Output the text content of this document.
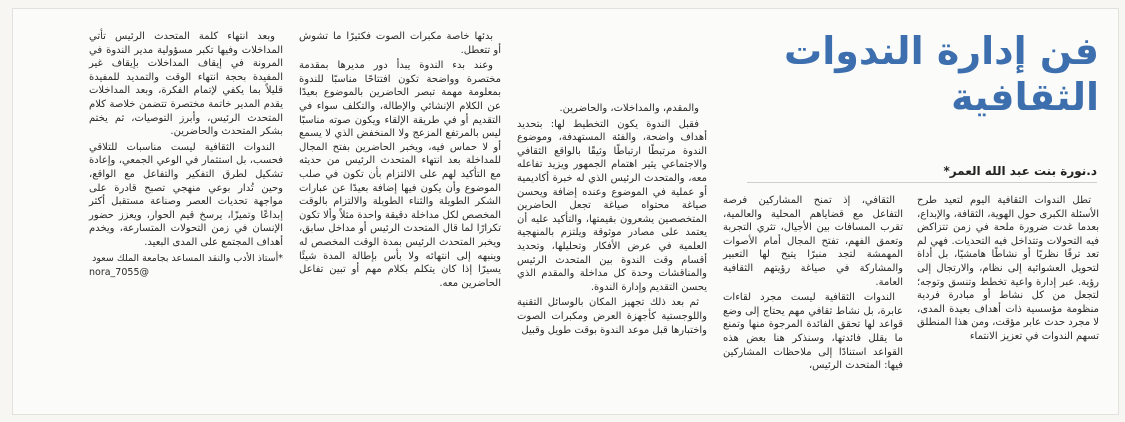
فن إدارة الندوات الثقافية
د.نورة بنت عبد الله العمر*

تطل الندوات الثقافية اليوم لتعيد طرح الأسئلة الكبرى حول الهوية، الثقافة، والإبداع، بعدما غدت ضرورة ملحة في زمن تتزاكض فيه التحولات وتتداخل فيه التحديات. فهي لم تعد ترفًا نظريًا أو نشاطًا هامشيًا، بل أداة لتحويل العشوائية إلى نظام، والارتجال إلى رؤية. عبر إدارة واعية تخطط وتنسق وتوجه؛ لتجعل من كل نشاط أو مبادرة فردية منظومة مؤسسية ذات أهداف بعيدة المدى، لا مجرد حدث عابر مؤقت، ومن هذا المنطلق تسهم الندوات في تعزيز الانتماء

الثقافي، إذ تمنح المشاركين فرصة التفاعل مع قضاياهم المحلية والعالمية، تقرب المسافات بين الأجيال، تثري التجربة وتعمق الفهم، تفتح المجال أمام الأصوات المهمشة لتجد منبرًا يتيح لها التعبير والمشاركة في صياغة رؤيتهم الثقافية العامة.

الندوات الثقافية ليست مجرد لقاءات عابرة، بل نشاط ثقافي مهم يحتاج إلى وضع قواعد لها تحقق الفائدة المرجوة منها وتمنع ما يقلل فائدتها، وسنذكر هنا بعض هذه القواعد استنادًا إلى ملاحظات المشاركين فيها: المتحدث الرئيس،

والمقدم، والمداخلات، والحاضرين.

فقبل الندوة يكون التخطيط لها: بتحديد أهداف واضحة، والفئة المستهدفة، وموضوع الندوة مرتبطًا ارتباطًا وثيقًا بالواقع الثقافي والاجتماعي يثير اهتمام الجمهور ويزيد تفاعله معه، والمتحدث الرئيس الذي له خبرة أكاديمية أو عملية في الموضوع وعنده إضافة ويحسن صياغة محتواه صياغة تجعل الحاضرين المتخصصين يشعرون بقيمتها، والتأكيد عليه أن يعتمد على مصادر موثوقة ويلتزم بالمنهجية العلمية في عرض الأفكار وتحليلها، وتحديد أقسام وقت الندوة بين المتحدث الرئيس والمناقشات وحدة كل مداخلة والمقدم الذي يحسن التقديم وإدارة الندوة.

ثم بعد ذلك تجهيز المكان بالوسائل التقنية واللوجستية كأجهزة العرض ومكبرات الصوت واختبارها قبل موعد الندوة بوقت طويل وقبيل

بدئها خاصة مكبرات الصوت فكثيرًا ما تشوش أو تتعطل.

وعند بدء الندوة يبدأ دور مديرها بمقدمة مختصرة وواضحة تكون افتتاحًا مناسبًا للندوة بمعلومة مهمة تبصر الحاضرين بالموضوع بعيدًا عن الكلام الإنشائي والإطالة، والتكلف سواء في التقديم أو في طريقة الإلقاء ويكون صوته مناسبًا ليس بالمرتفع المزعج ولا المنخفض الذي لا يسمع أو لا حماس فيه، ويخبر الحاضرين بفتح المجال للمداخلة بعد انتهاء المتحدث الرئيس من حديثه مع التأكيد لهم على الالتزام بأن تكون في صلب الموضوع وأن يكون فيها إضافة بعيدًا عن عبارات الشكر الطويلة والثناء الطويلة والالتزام بالوقت المخصص لكل مداخلة دقيقة واحدة مثلاً وألا تكون تكرارًا لما قال المتحدث الرئيس أو مداخل سابق، ويخبر المتحدث الرئيس بمدة الوقت المخصص له وينبهه إلى انتهائه ولا بأس بإطالة المدة شيئًا يسيرًا إذا كان يتكلم بكلام مهم أو تبين تفاعل الحاضرين معه.

وبعد انتهاء كلمة المتحدث الرئيس تأتي المداخلات وفيها تكبر مسؤولية مدير الندوة في المرونة في إيقاف المداخلات بإيقاف غير المفيدة بحجة انتهاء الوقت والتمديد للمفيدة قليلاً بما يكفي لإتمام الفكرة، وبعد المداخلات يقدم المدير خاتمة مختصرة تتضمن خلاصة كلام المتحدث الرئيس، وأبرز التوصيات، ثم يختم بشكر المتحدث والحاضرين.

الندوات الثقافية ليست مناسبات للتلاقي فحسب، بل استثمار في الوعي الجمعي، وإعادة تشكيل لطرق التفكير والتفاعل مع الواقع، وحين تُدار بوعي منهجي تصبح قادرة على مواجهة تحديات العصر وصناعة مستقبل أكثر إبداعًا وتميزًا، يرسخ قيم الحوار، ويعزز حضور الإنسان في زمن التحولات المتسارعة، ويخدم أهداف المجتمع على المدى البعيد.

*أستاذ الأدب والنقد المساعد بجامعة الملك سعود
nora_7055@
